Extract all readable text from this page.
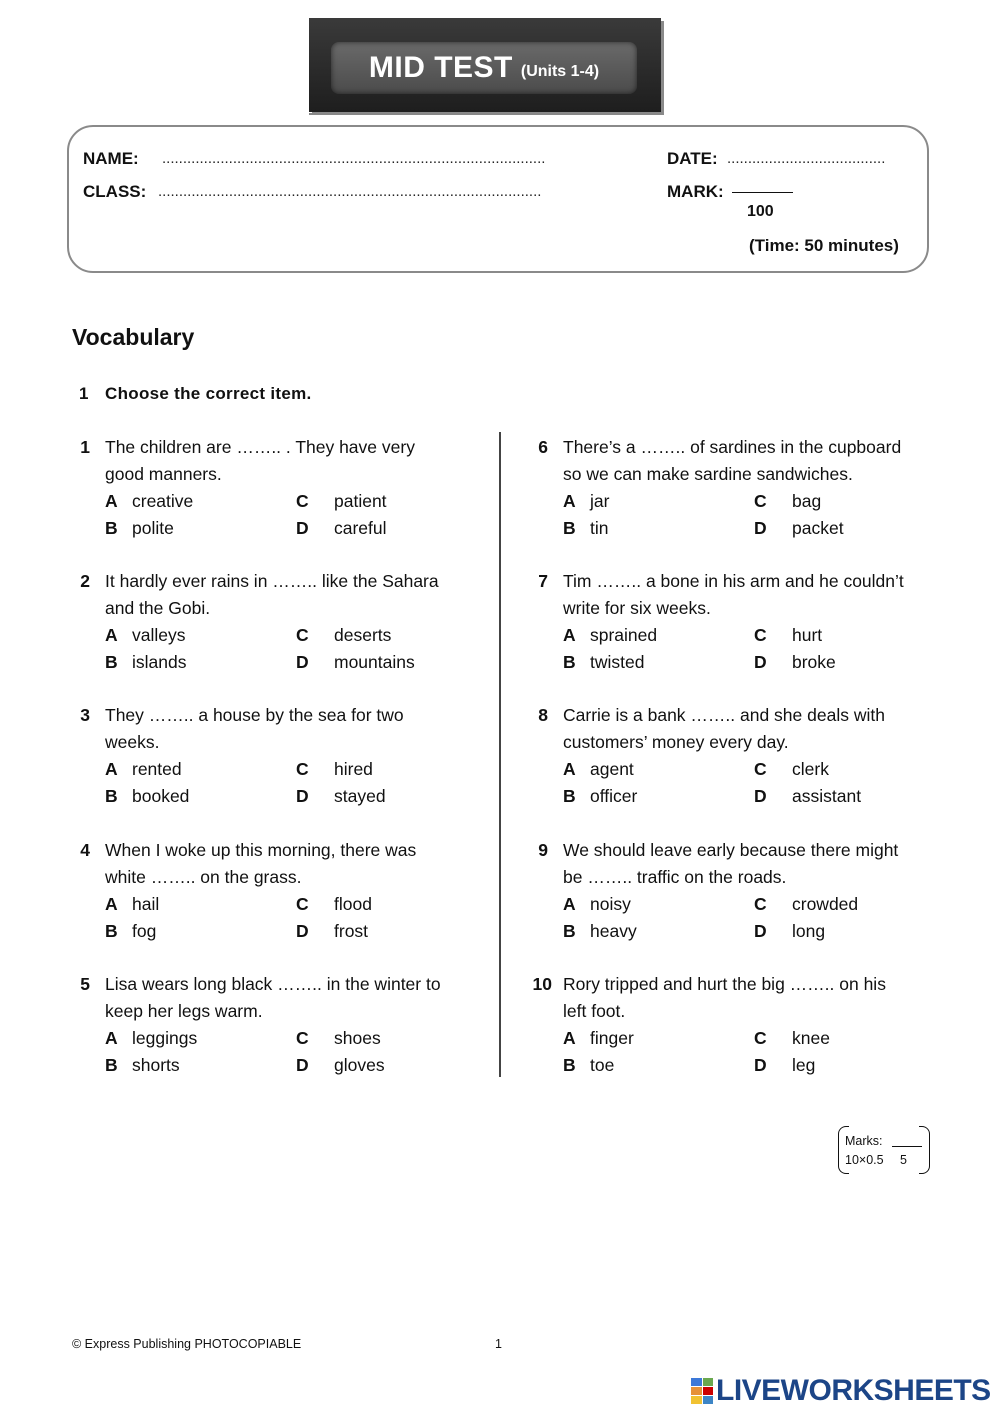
MID TEST (Units 1-4)
NAME: ............................................................................................	DATE: ......................................
CLASS: ............................................................................................	MARK:
100
(Time: 50 minutes)
Vocabulary
1 Choose the correct item.
1 The children are …….. . They have very
good manners.
A creative
B polite
C patient
D careful
2 It hardly ever rains in …….. like the Sahara
and the Gobi.
A valleys
B islands
C deserts
D mountains
3 They …….. a house by the sea for two
weeks.
A rented
B booked
C hired
D stayed
4 When I woke up this morning, there was
white …….. on the grass.
A hail
B fog
C flood
D frost
5 Lisa wears long black …….. in the winter to
keep her legs warm.
A leggings
B shorts
C shoes
D gloves
6 There’s a …….. of sardines in the cupboard
so we can make sardine sandwiches.
A jar
B tin
C bag
D packet
7 Tim …….. a bone in his arm and he couldn’t
write for six weeks.
A sprained
B twisted
C hurt
D broke
8 Carrie is a bank …….. and she deals with
customers’ money every day.
A agent
B officer
C clerk
D assistant
9 We should leave early because there might
be …….. traffic on the roads.
A noisy
B heavy
C crowded
D long
10 Rory tripped and hurt the big …….. on his
left foot.
A finger
B toe
C knee
D leg
Marks:
10×0.5 5
© Express Publishing PHOTOCOPIABLE	1
LIVEWORKSHEETS
